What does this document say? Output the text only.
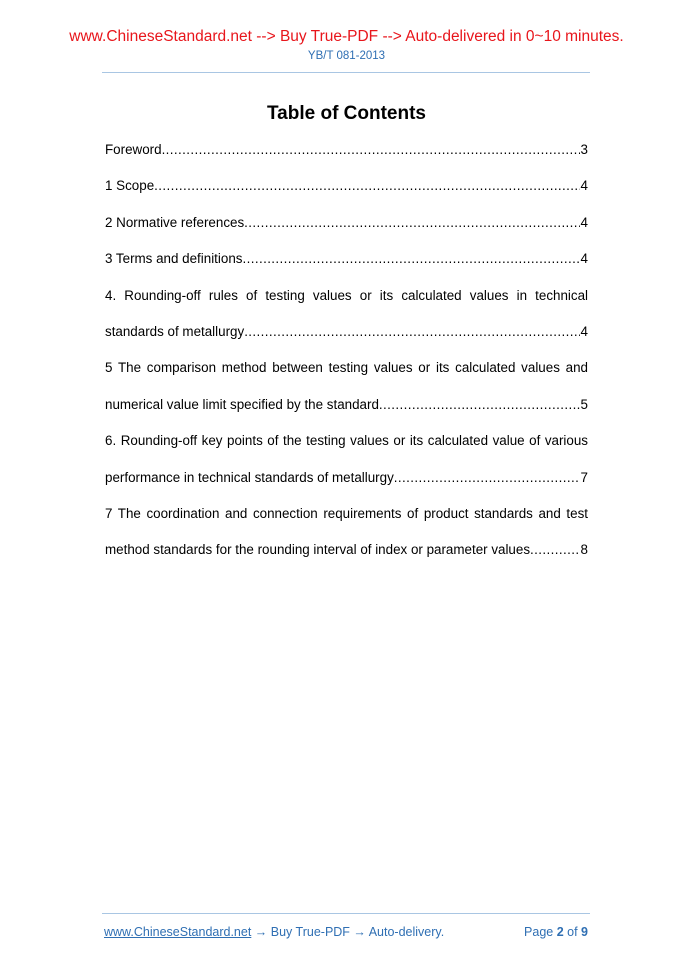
www.ChineseStandard.net --> Buy True-PDF --> Auto-delivered in 0~10 minutes.
YB/T 081-2013
Table of Contents
Foreword .....	3
1 Scope .....	4
2 Normative references .....	4
3 Terms and definitions .....	4
4. Rounding-off rules of testing values or its calculated values in technical
standards of metallurgy .....	4
5 The comparison method between testing values or its calculated values and
numerical value limit specified by the standard .....	5
6. Rounding-off key points of the testing values or its calculated value of various
performance in technical standards of metallurgy .....	7
7 The coordination and connection requirements of product standards and test
method standards for the rounding interval of index or parameter values .....	8
www.ChineseStandard.net → Buy True-PDF → Auto-delivery.	Page 2 of 9
